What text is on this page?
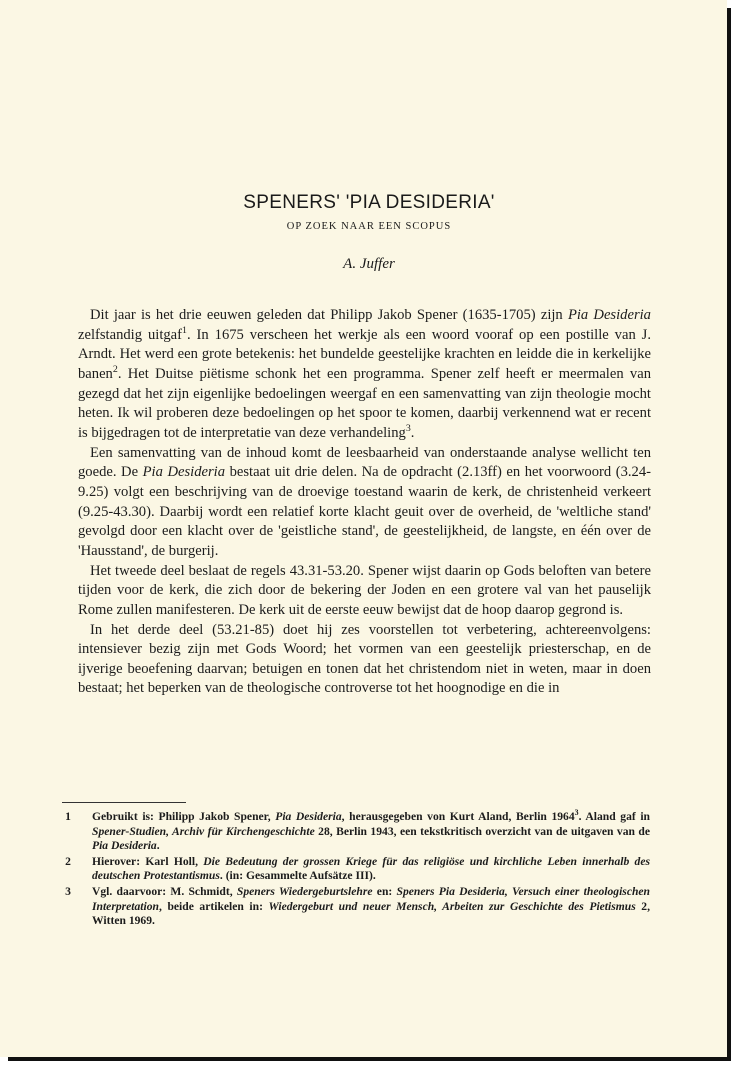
SPENERS' 'PIA DESIDERIA'
OP ZOEK NAAR EEN SCOPUS
A. Juffer

Dit jaar is het drie eeuwen geleden dat Philipp Jakob Spener (1635-1705) zijn Pia Desideria zelfstandig uitgaf$^1$. In 1675 verscheen het werkje als een woord vooraf op een postille van J. Arndt. Het werd een grote betekenis: het bundelde geestelijke krachten en leidde die in kerkelijke banen$^2$. Het Duitse piëtisme schonk het een programma. Spener zelf heeft er meermalen van gezegd dat het zijn eigenlijke bedoelingen weergaf en een samenvatting van zijn theologie mocht heten. Ik wil proberen deze bedoelingen op het spoor te komen, daarbij verkennend wat er recent is bijgedragen tot de interpretatie van deze verhandeling$^3$.

Een samenvatting van de inhoud komt de leesbaarheid van onderstaande analyse wellicht ten goede. De Pia Desideria bestaat uit drie delen. Na de opdracht (2.13ff) en het voorwoord (3.24-9.25) volgt een beschrijving van de droevige toestand waarin de kerk, de christenheid verkeert (9.25-43.30). Daarbij wordt een relatief korte klacht geuit over de overheid, de 'weltliche stand' gevolgd door een klacht over de 'geistliche stand', de geestelijkheid, de langste, en één over de 'Hausstand', de burgerij.

Het tweede deel beslaat de regels 43.31-53.20. Spener wijst daarin op Gods beloften van betere tijden voor de kerk, die zich door de bekering der Joden en een grotere val van het pauselijk Rome zullen manifesteren. De kerk uit de eerste eeuw bewijst dat de hoop daarop gegrond is.

In het derde deel (53.21-85) doet hij zes voorstellen tot verbetering, achtereenvolgens: intensiever bezig zijn met Gods Woord; het vormen van een geestelijk priesterschap, en de ijverige beoefening daarvan; betuigen en tonen dat het christendom niet in weten, maar in doen bestaat; het beperken van de theologische controverse tot het hoognodige en die in

1	Gebruikt is: Philipp Jakob Spener, Pia Desideria, herausgegeben von Kurt Aland, Berlin 1964$^3$. Aland gaf in Spener-Studien, Archiv für Kirchengeschichte 28, Berlin 1943, een tekstkritisch overzicht van de uitgaven van de Pia Desideria.
2	Hierover: Karl Holl, Die Bedeutung der grossen Kriege für das religiöse und kirchliche Leben innerhalb des deutschen Protestantismus. (in: Gesammelte Aufsätze III).
3	Vgl. daarvoor: M. Schmidt, Speners Wiedergeburtslehre en: Speners Pia Desideria, Versuch einer theologischen Interpretation, beide artikelen in: Wiedergeburt und neuer Mensch, Arbeiten zur Geschichte des Pietismus 2, Witten 1969.
